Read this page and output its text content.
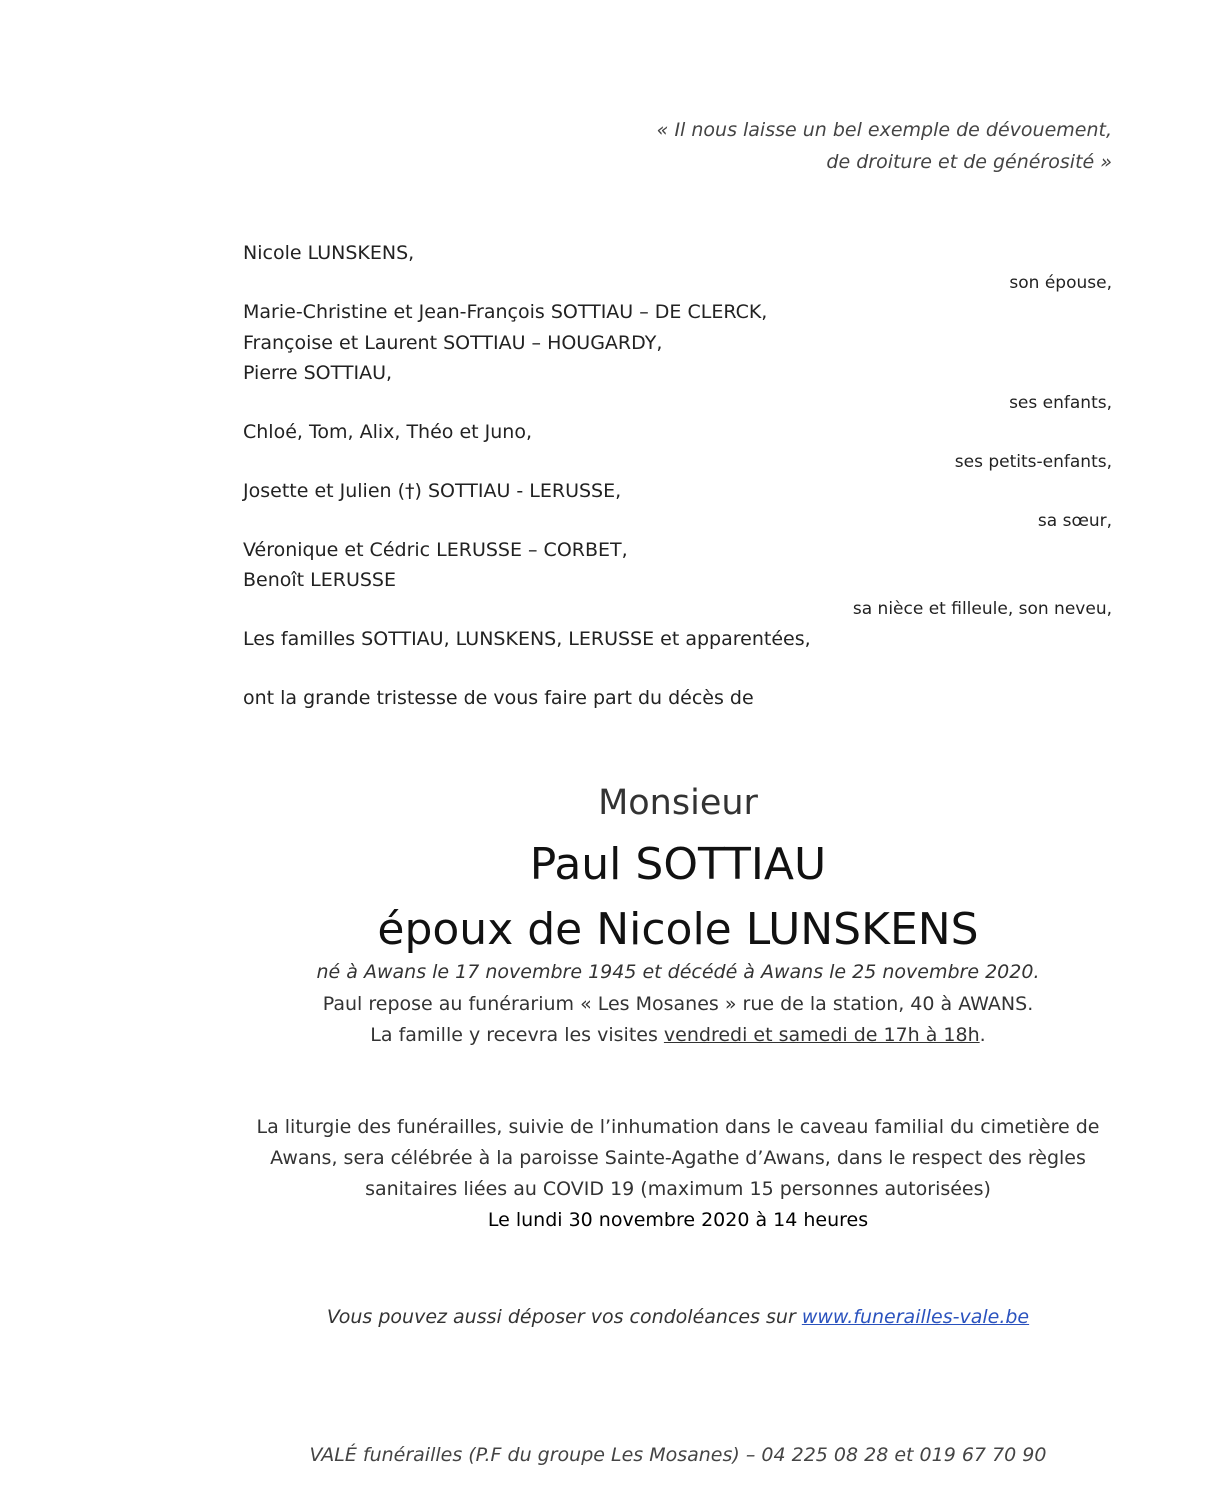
« Il nous laisse un bel exemple de dévouement,
de droiture et de générosité »
Nicole LUNSKENS,
son épouse,
Marie-Christine et Jean-François SOTTIAU – DE CLERCK,
Françoise et Laurent SOTTIAU – HOUGARDY,
Pierre SOTTIAU,
ses enfants,
Chloé, Tom, Alix, Théo et Juno,
ses petits-enfants,
Josette et Julien (†) SOTTIAU - LERUSSE,
sa sœur,
Véronique et Cédric LERUSSE – CORBET,
Benoît LERUSSE
sa nièce et filleule, son neveu,
Les familles SOTTIAU, LUNSKENS, LERUSSE et apparentées,
ont la grande tristesse de vous faire part du décès de
Monsieur
Paul SOTTIAU
époux de Nicole LUNSKENS
né à Awans le 17 novembre 1945 et décédé à Awans le 25 novembre 2020.
Paul repose au funérarium « Les Mosanes » rue de la station, 40 à AWANS.
La famille y recevra les visites vendredi et samedi de 17h à 18h.
La liturgie des funérailles, suivie de l’inhumation dans le caveau familial du cimetière de
Awans, sera célébrée à la paroisse Sainte-Agathe d’Awans, dans le respect des règles
sanitaires liées au COVID 19 (maximum 15 personnes autorisées)
Le lundi 30 novembre 2020 à 14 heures
Vous pouvez aussi déposer vos condoléances sur www.funerailles-vale.be
VALÉ funérailles (P.F du groupe Les Mosanes) – 04 225 08 28 et 019 67 70 90
